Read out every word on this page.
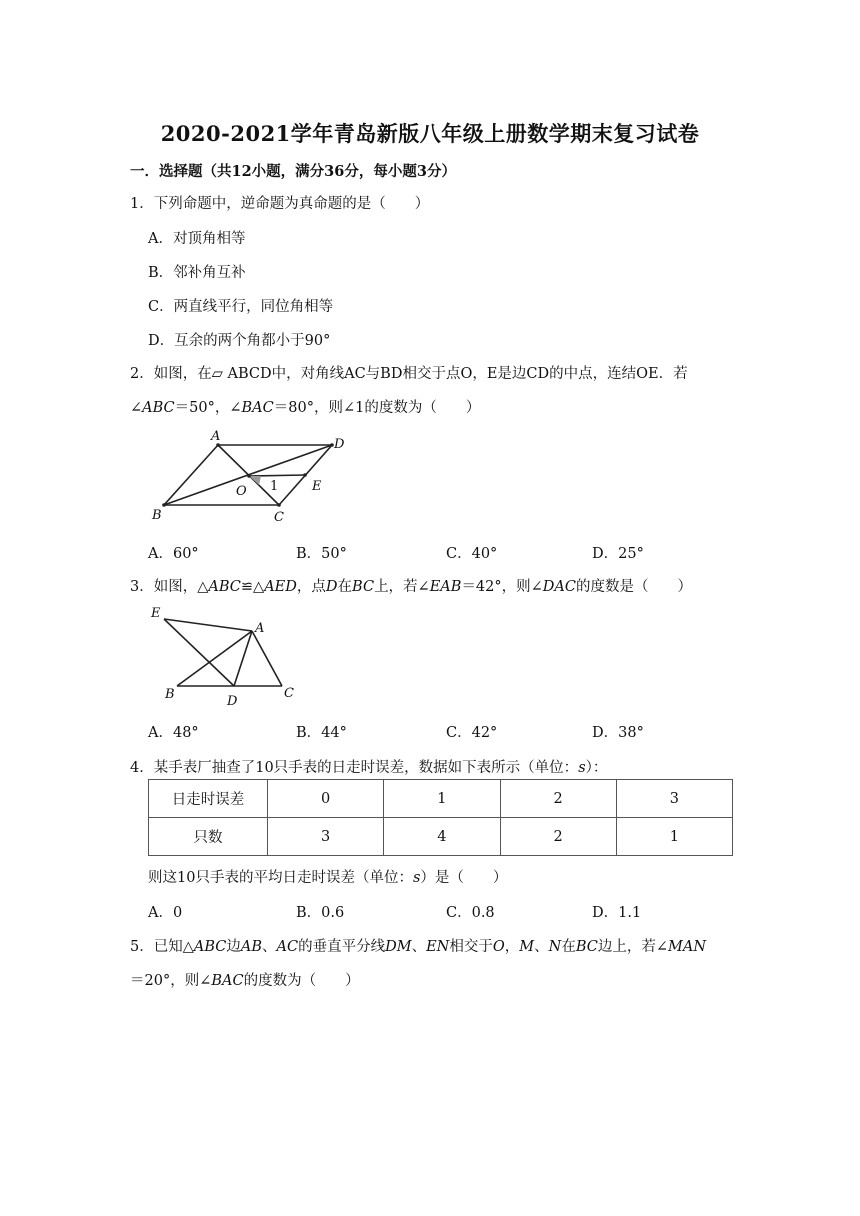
2020-2021学年青岛新版八年级上册数学期末复习试卷
一．选择题（共12小题，满分36分，每小题3分）
1．下列命题中，逆命题为真命题的是（　　）
A．对顶角相等
B．邻补角互补
C．两直线平行，同位角相等
D．互余的两个角都小于90°
2．如图，在▱ ABCD中，对角线AC与BD相交于点O，E是边CD的中点，连结OE．若
∠ABC＝50°，∠BAC＝80°，则∠1的度数为（　　）
A
D
B	C
O	E
1
A．60°	B．50°	C．40°	D．25°
3．如图，△ABC≌△AED，点D在BC上，若∠EAB＝42°，则∠DAC的度数是（　　）
E
A
B	D
C
A．48°	B．44°	C．42°	D．38°
4．某手表厂抽查了10只手表的日走时误差，数据如下表所示（单位：s）：
日走时误差	0	1	2	3
只数	3	4	2	1
则这10只手表的平均日走时误差（单位：s）是（　　）
A．0	B．0.6	C．0.8	D．1.1
5．已知△ABC边AB、AC的垂直平分线DM、EN相交于O，M、N在BC边上，若∠MAN
＝20°，则∠BAC的度数为（　　）
